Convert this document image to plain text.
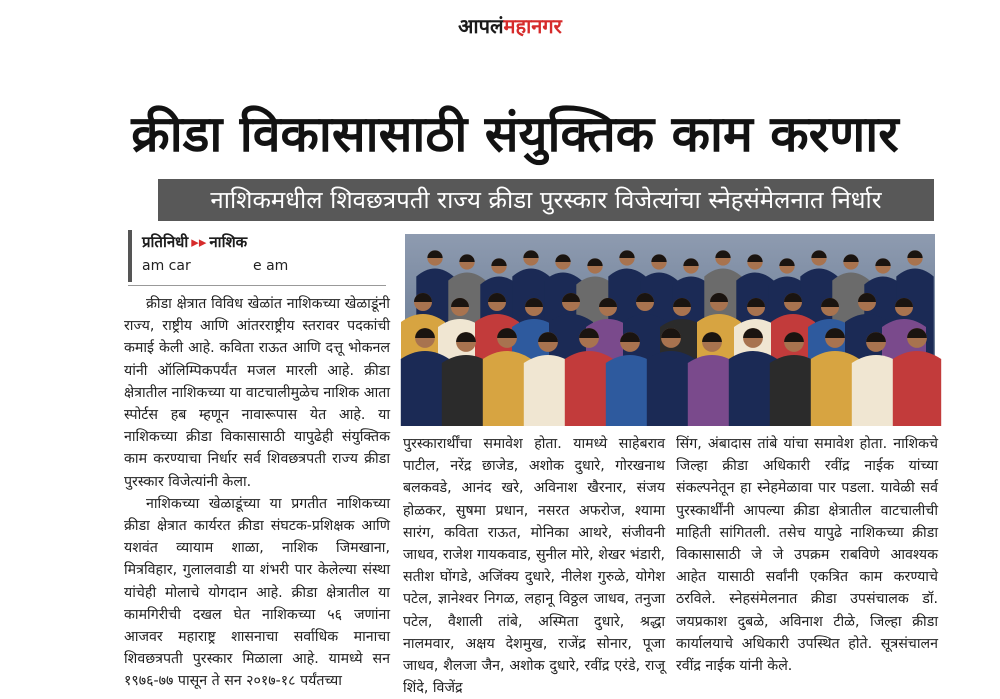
आपलंमहानगर
क्रीडा विकासासाठी संयुक्तिक काम करणार
नाशिकमधील शिवछत्रपती राज्य क्रीडा पुरस्कार विजेत्यांचा स्नेहसंमेलनात निर्धार
प्रतिनिधी ▸▸ नाशिक
am car              e am

क्रीडा क्षेत्रात विविध खेळांत नाशिकच्या खेळाडूंनी राज्य, राष्ट्रीय आणि आंतरराष्ट्रीय स्तरावर पदकांची कमाई केली आहे. कविता राऊत आणि दत्तू भोकनल यांनी ऑलिम्पिकपर्यंत मजल मारली आहे. क्रीडा क्षेत्रातील नाशिकच्या या वाटचालीमुळेच नाशिक आता स्पोर्टस हब म्हणून नावारूपास येत आहे. या नाशिकच्या क्रीडा विकासासाठी यापुढेही संयुक्तिक काम करण्याचा निर्धार सर्व शिवछत्रपती राज्य क्रीडा पुरस्कार विजेत्यांनी केला.

नाशिकच्या खेळाडूंच्या या प्रगतीत नाशिकच्या क्रीडा क्षेत्रात कार्यरत क्रीडा संघटक-प्रशिक्षक आणि यशवंत व्यायाम शाळा, नाशिक जिमखाना, मित्रविहार, गुलालवाडी या शंभरी पार केलेल्या संस्था यांचेही मोलाचे योगदान आहे. क्रीडा क्षेत्रातील या कामगिरीची दखल घेत नाशिकच्या ५६ जणांना आजवर महाराष्ट्र शासनाचा सर्वाधिक मानाचा शिवछत्रपती पुरस्कार मिळाला आहे. यामध्ये सन १९७६-७७ पासून ते सन २०१७-१८ पर्यंतच्या

पुरस्कारार्थींचा समावेश होता. यामध्ये साहेबराव पाटील, नरेंद्र छाजेड, अशोक दुधारे, गोरखनाथ बलकवडे, आनंद खरे, अविनाश खैरनार, संजय होळकर, सुषमा प्रधान, नसरत अफरोज, श्यामा सारंग, कविता राऊत, मोनिका आथरे, संजीवनी जाधव, राजेश गायकवाड, सुनील मोरे, शेखर भंडारी, सतीश घोंगडे, अजिंक्य दुधारे, नीलेश गुरुळे, योगेश पटेल, ज्ञानेश्वर निगळ, लहानू विठ्ठल जाधव, तनुजा पटेल, वैशाली तांबे, अस्मिता दुधारे, श्रद्धा नालमवार, अक्षय देशमुख, राजेंद्र सोनार, पूजा जाधव, शैलजा जैन, अशोक दुधारे, रवींद्र एरंडे, राजू शिंदे, विजेंद्र
सिंग, अंबादास तांबे यांचा समावेश होता. नाशिकचे जिल्हा क्रीडा अधिकारी रवींद्र नाईक यांच्या संकल्पनेतून हा स्नेहमेळावा पार पडला. यावेळी सर्व पुरस्कार्थींनी आपल्या क्रीडा क्षेत्रातील वाटचालीची माहिती सांगितली. तसेच यापुढे नाशिकच्या क्रीडा विकासासाठी जे जे उपक्रम राबविणे आवश्यक आहेत यासाठी सर्वांनी एकत्रित काम करण्याचे ठरविले. स्नेहसंमेलनात क्रीडा उपसंचालक डॉ. जयप्रकाश दुबळे, अविनाश टीळे, जिल्हा क्रीडा कार्यालयाचे अधिकारी उपस्थित होते. सूत्रसंचालन रवींद्र नाईक यांनी केले.
